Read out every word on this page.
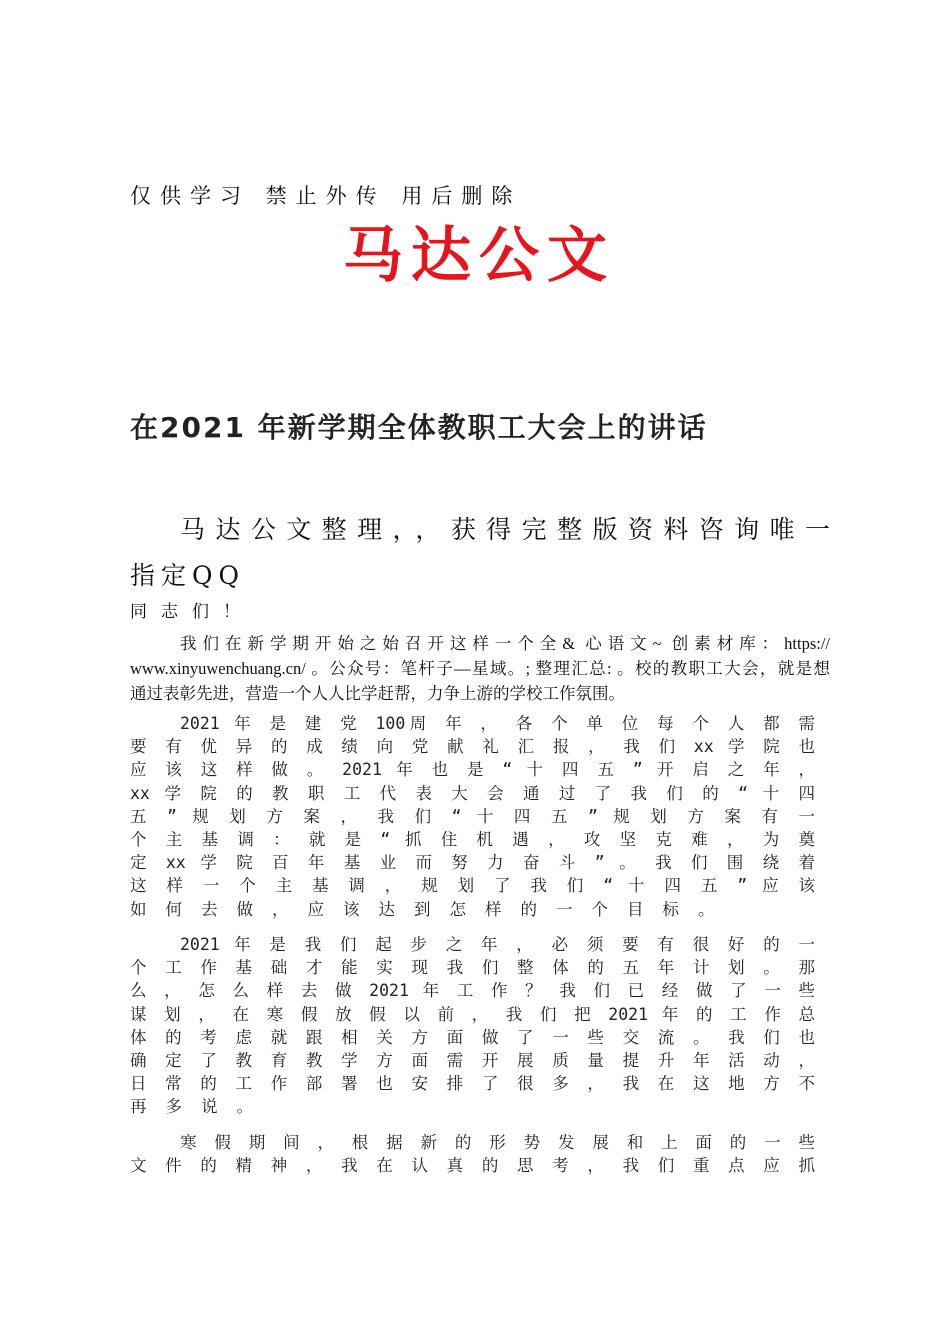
仅供学习 禁止外传 用后删除
马达公文
在2021 年新学期全体教职工大会上的讲话
马达公文整理，，获得完整版资料咨询唯一
指定QQ
同志们！
我们在新学期开始之始召开这样一个全& 心语文~ 创素材库：https://
www.xinyuwenchuang.cn/ 。公众号：笔杆子—星域。; 整理汇总: 。校的教职工大会，就是想
通过表彰先进，营造一个人人比学赶帮，力争上游的学校工作氛围。
2021 年 是 建 党 100周 年 ， 各 个 单 位 每 个 人 都 需
要 有 优 异 的 成 绩 向 党 献 礼 汇 报 ， 我 们 xx 学 院 也
应 该 这 样 做 。 2021 年 也 是 “ 十 四 五 ” 开 启 之 年 ，
xx 学 院 的 教 职 工 代 表 大 会 通 过 了 我 们 的 “ 十 四
五 ” 规 划 方 案 ， 我 们 “ 十 四 五 ” 规 划 方 案 有 一
个 主 基 调 ： 就 是 “ 抓 住 机 遇 ， 攻 坚 克 难 ， 为 奠
定 xx 学 院 百 年 基 业 而 努 力 奋 斗 ” 。 我 们 围 绕 着
这 样 一 个 主 基 调 ， 规 划 了 我 们 “ 十 四 五 ” 应 该
如何去做，应该达到怎样的一个目标。
2021 年 是 我 们 起 步 之 年 ， 必 须 要 有 很 好 的 一
个 工 作 基 础 才 能 实 现 我 们 整 体 的 五 年 计 划 。 那
么 ， 怎 么 样 去 做 2021 年 工 作 ？ 我 们 已 经 做 了 一 些
谋 划 ， 在 寒 假 放 假 以 前 ， 我 们 把 2021 年 的 工 作 总
体 的 考 虑 就 跟 相 关 方 面 做 了 一 些 交 流 。 我 们 也
确 定 了 教 育 教 学 方 面 需 开 展 质 量 提 升 年 活 动 ，
日 常 的 工 作 部 署 也 安 排 了 很 多 ， 我 在 这 地 方 不
再多说。
寒 假 期 间 ， 根 据 新 的 形 势 发 展 和 上 面 的 一 些
文 件 的 精 神 ， 我 在 认 真 的 思 考 ， 我 们 重 点 应 抓
